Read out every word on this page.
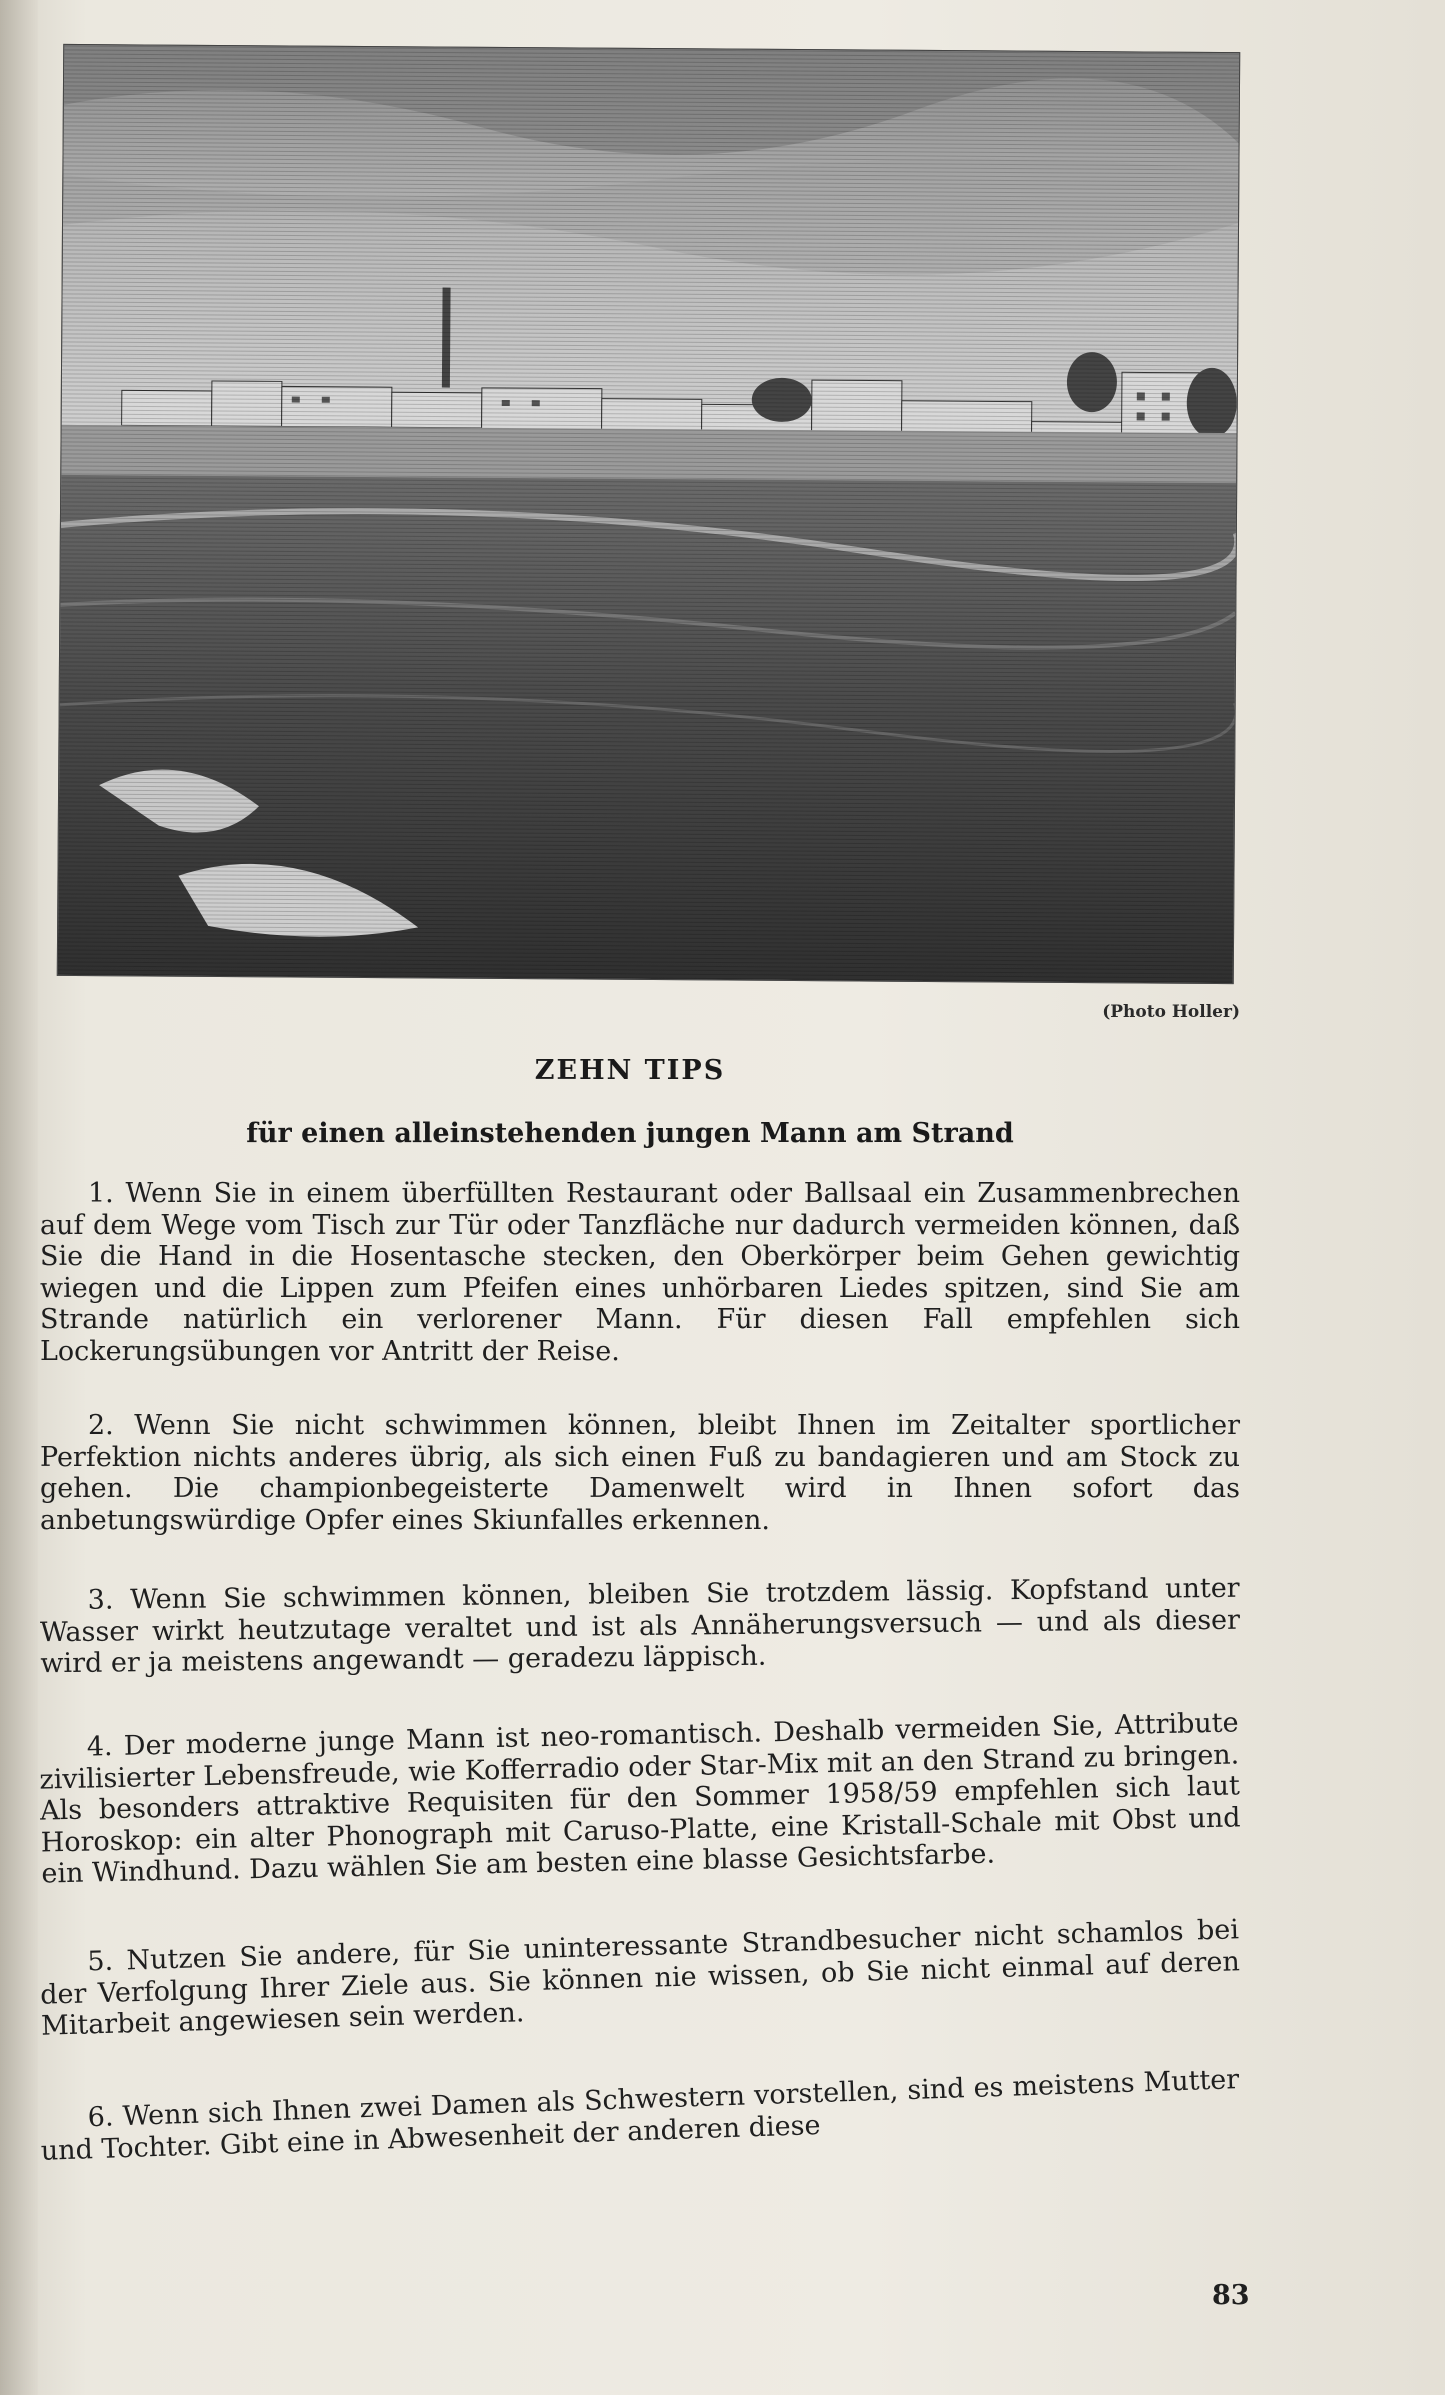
(Photo Holler)
ZEHN TIPS
für einen alleinstehenden jungen Mann am Strand

1. Wenn Sie in einem überfüllten Restaurant oder Ballsaal ein Zusammenbrechen auf dem Wege vom Tisch zur Tür oder Tanzfläche nur dadurch vermeiden können, daß Sie die Hand in die Hosentasche stecken, den Oberkörper beim Gehen gewichtig wiegen und die Lippen zum Pfeifen eines unhörbaren Liedes spitzen, sind Sie am Strande natürlich ein verlorener Mann. Für diesen Fall empfehlen sich Lockerungsübungen vor Antritt der Reise.

2. Wenn Sie nicht schwimmen können, bleibt Ihnen im Zeitalter sportlicher Perfektion nichts anderes übrig, als sich einen Fuß zu bandagieren und am Stock zu gehen. Die championbegeisterte Damenwelt wird in Ihnen sofort das anbetungswürdige Opfer eines Skiunfalles erkennen.

3. Wenn Sie schwimmen können, bleiben Sie trotzdem lässig. Kopfstand unter Wasser wirkt heutzutage veraltet und ist als Annäherungsversuch — und als dieser wird er ja meistens angewandt — geradezu läppisch.

4. Der moderne junge Mann ist neo-romantisch. Deshalb vermeiden Sie, Attribute zivilisierter Lebensfreude, wie Kofferradio oder Star-Mix mit an den Strand zu bringen. Als besonders attraktive Requisiten für den Sommer 1958/59 empfehlen sich laut Horoskop: ein alter Phonograph mit Caruso-Platte, eine Kristall-Schale mit Obst und ein Windhund. Dazu wählen Sie am besten eine blasse Gesichtsfarbe.

5. Nutzen Sie andere, für Sie uninteressante Strandbesucher nicht schamlos bei der Verfolgung Ihrer Ziele aus. Sie können nie wissen, ob Sie nicht einmal auf deren Mitarbeit angewiesen sein werden.

6. Wenn sich Ihnen zwei Damen als Schwestern vorstellen, sind es meistens Mutter und Tochter. Gibt eine in Abwesenheit der anderen diese

83
